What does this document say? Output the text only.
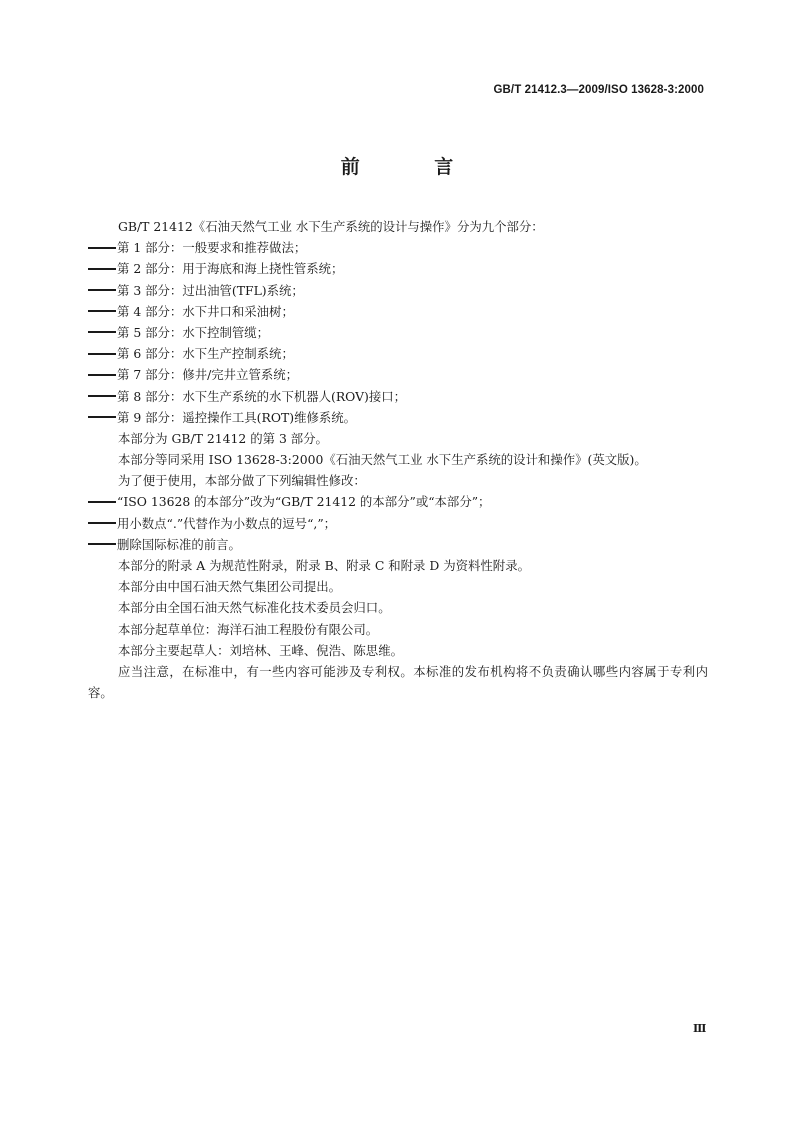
GB/T 21412.3—2009/ISO 13628-3:2000
前 言
GB/T 21412《石油天然气工业 水下生产系统的设计与操作》分为九个部分：
第 1 部分：一般要求和推荐做法；
第 2 部分：用于海底和海上挠性管系统；
第 3 部分：过出油管(TFL)系统；
第 4 部分：水下井口和采油树；
第 5 部分：水下控制管缆；
第 6 部分：水下生产控制系统；
第 7 部分：修井/完井立管系统；
第 8 部分：水下生产系统的水下机器人(ROV)接口；
第 9 部分：遥控操作工具(ROT)维修系统。
本部分为 GB/T 21412 的第 3 部分。
本部分等同采用 ISO 13628-3:2000《石油天然气工业 水下生产系统的设计和操作》(英文版)。
为了便于使用，本部分做了下列编辑性修改：
“ISO 13628 的本部分”改为“GB/T 21412 的本部分”或“本部分”；
用小数点“.”代替作为小数点的逗号“,”；
删除国际标准的前言。
本部分的附录 A 为规范性附录，附录 B、附录 C 和附录 D 为资料性附录。
本部分由中国石油天然气集团公司提出。
本部分由全国石油天然气标准化技术委员会归口。
本部分起草单位：海洋石油工程股份有限公司。
本部分主要起草人：刘培林、王峰、倪浩、陈思维。
应当注意，在标准中，有一些内容可能涉及专利权。本标准的发布机构将不负责确认哪些内容属于专利内容。
Ⅲ
